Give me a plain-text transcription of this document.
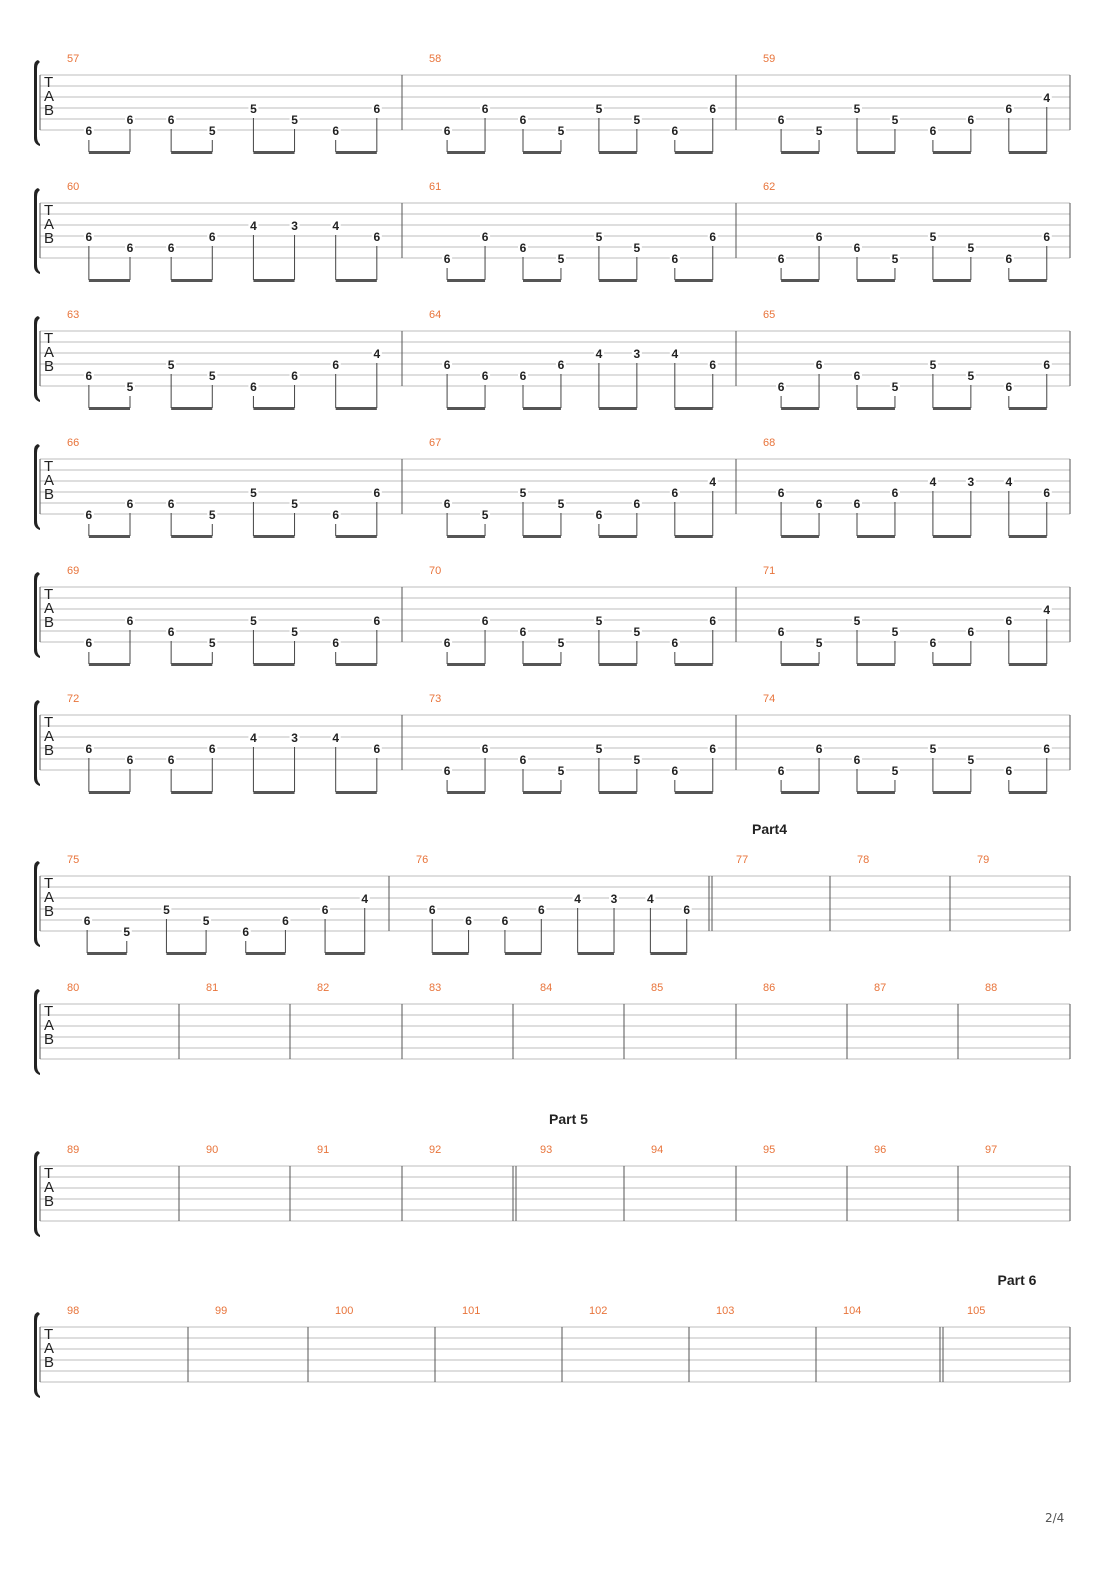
T
A
B
57
6
6	6
5
5
5
6
6
58
6
6
6
5
5
5
6
6
59
6
5
5
5
6
6
6
4
T
A
B
60
6
6	6
6
4	3	4
6
61
6
6
6
5
5
5
6
6
62
6
6
6
5
5
5
6
6
T
A
B
63
6
5
5
5
6
6
6
4
64
6
6	6
6
4	3	4
6
65
6
6
6
5
5
5
6
6
T
A
B
66
6
6	6
5
5
5
6
6
67
6
5
5
5
6
6
6
4
68
6
6	6
6
4	3	4
6
T
A
B
69
6
6
6
5
5
5
6
6
70
6
6
6
5
5
5
6
6
71
6
5
5
5
6
6
6
4
T
A
B
72
6
6	6
6
4	3	4
6
73
6
6
6
5
5
5
6
6
74
6
6
6
5
5
5
6
6
T
A
B
Part4
75
6
5
5
5
6
6
6
4
76
6
6 6
6
4 3 4
6
77	78	79
T
A
B
80	81	82	83	84	85	86	87	88
T
A
B
Part 5
89	90	91	92	93	94	95	96	97
T
A
B
Part 6
98	99	100	101	102	103	104	105
2/4
